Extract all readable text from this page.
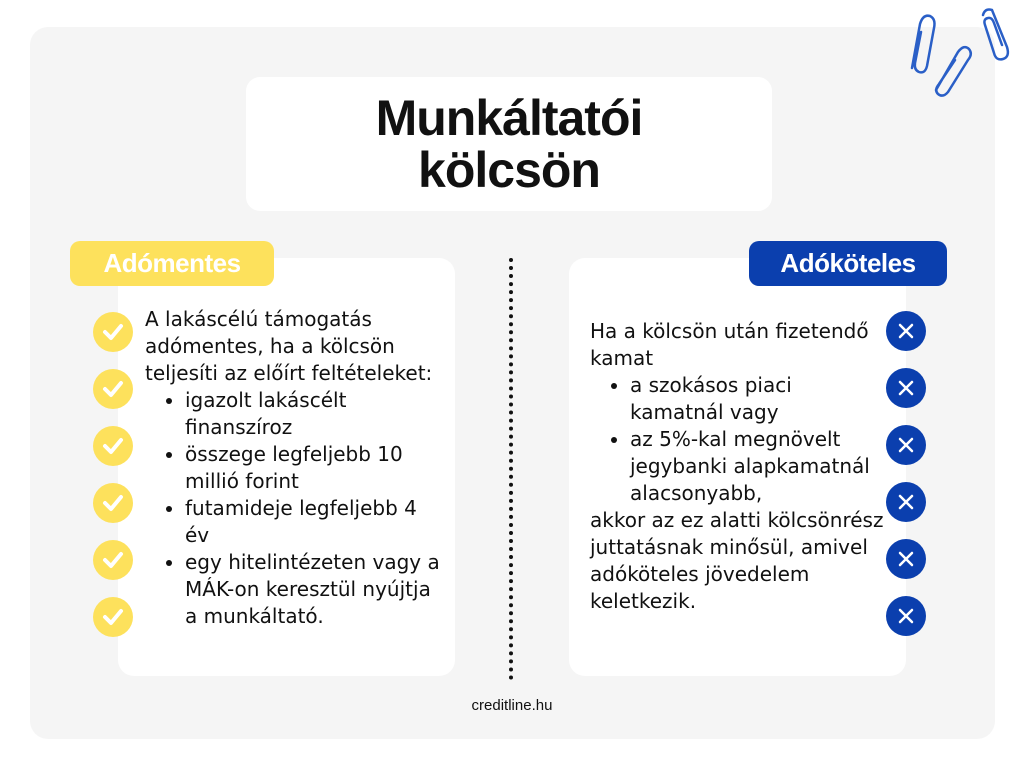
Munkáltatói
kölcsön
Adómentes	Adóköteles

A lakáscélú támogatás adómentes, ha a kölcsön teljesíti az előírt feltételeket:

• igazolt lakáscélt finanszíroz
• összege legfeljebb 10 millió forint
• futamideje legfeljebb 4 év
• egy hitelintézeten vagy a MÁK-on keresztül nyújtja a munkáltató.

Ha a kölcsön után fizetendő kamat

• a szokásos piaci kamatnál vagy
• az 5%-kal megnövelt jegybanki alapkamatnál alacsonyabb,

akkor az ez alatti kölcsönrész juttatásnak minősül, amivel adóköteles jövedelem keletkezik.

creditline.hu
